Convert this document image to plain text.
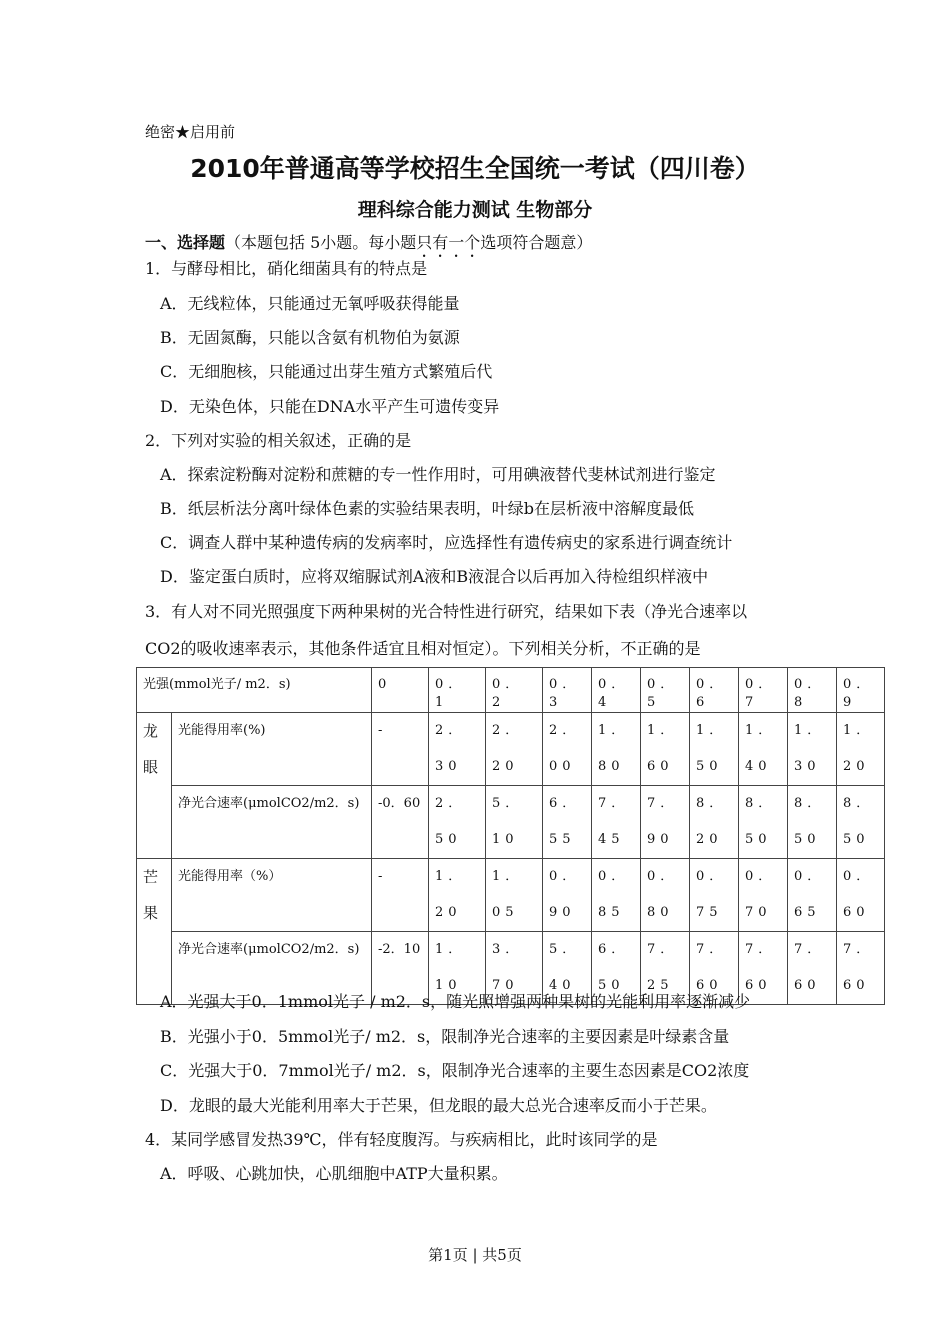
绝密★启用前
2010年普通高等学校招生全国统一考试（四川卷）
理科综合能力测试 生物部分
一、选择题（本题包括 5小题。每小题只有一个选项符合题意）
1．与酵母相比，硝化细菌具有的特点是
A．无线粒体，只能通过无氧呼吸获得能量
B．无固氮酶，只能以含氨有机物伯为氨源
C．无细胞核，只能通过出芽生殖方式繁殖后代
D．无染色体，只能在DNA水平产生可遗传变异
2．下列对实验的相关叙述，正确的是
A．探索淀粉酶对淀粉和蔗糖的专一性作用时，可用碘液替代斐林试剂进行鉴定
B．纸层析法分离叶绿体色素的实验结果表明，叶绿b在层析液中溶解度最低
C．调查人群中某种遗传病的发病率时，应选择性有遗传病史的家系进行调查统计
D．鉴定蛋白质时，应将双缩脲试剂A液和B液混合以后再加入待检组织样液中
3．有人对不同光照强度下两种果树的光合特性进行研究，结果如下表（净光合速率以
CO2的吸收速率表示，其他条件适宜且相对恒定）。下列相关分析，不正确的是
光强(mmol光子/ m2．s)		0	0．1	0．2	0．3	0．4	0．5	0．6	0．7	0．8	0．9
龙眼	光能得用率(%)	-	2．30	2．20	2．00	1．80	1．60	1．50	1．40	1．30	1．20
	净光合速率(μmolCO2/m2．s)	-0．60	2．50	5．10	6．55	7．45	7．90	8．20	8．50	8．50	8．50
芒果	光能得用率（%）	-	1．20	1．05	0．90	0．85	0．80	0．75	0．70	0．65	0．60
	净光合速率(μmolCO2/m2．s)	-2．10	1．10	3．70	5．40	6．50	7．25	7．60	7．60	7．60	7．60
A．光强大于0．1mmol光子 / m2．s，随光照增强两种果树的光能利用率逐渐减少
B．光强小于0．5mmol光子/ m2．s，限制净光合速率的主要因素是叶绿素含量
C．光强大于0．7mmol光子/ m2．s，限制净光合速率的主要生态因素是CO2浓度
D．龙眼的最大光能利用率大于芒果，但龙眼的最大总光合速率反而小于芒果。
4．某同学感冒发热39℃，伴有轻度腹泻。与疾病相比，此时该同学的是
A．呼吸、心跳加快，心肌细胞中ATP大量积累。
第1页 | 共5页
